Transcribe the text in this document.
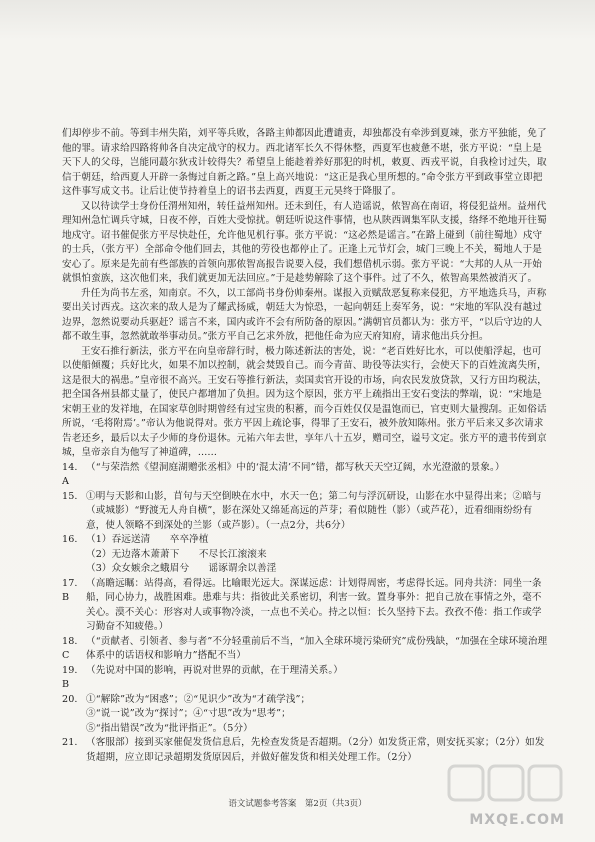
们却停步不前。等到丰州失陷，刘平等兵败，各路主帅都因此遭谴责，却独都没有牵涉到夏竦，张方平独能，免了他的罪。请求给四路将帅各自决定战守的权力。西北诸军长久不得休整，西夏军也疲惫不堪，张方平说：“皇上是天下人的父母，岂能同蕞尔狄戎计较得失？希望皇上能趁着养好那犯的时机，敕夏、西戎平说，自我检讨过失，取信于朝廷，给西夏人开辟一条悔过自新之路。”皇上高兴地说：“这正是我心里所想的。”命令张方平到政事堂立即把这件事写成文书。让后让使节持着皇上的诏书去西夏，西夏王元昊终于降服了。

又以待读学士身份任渭州知州，转任益州知州。还未到任，有人造谣说，侬智高在南诏，将侵犯益州。益州代理知州急忙调兵守城，日夜不停，百姓大受惊扰。朝廷听说这件事情，也从陕西调集军队支援，络绎不绝地开往蜀地戍守。诏书催促张方平尽快赴任，允许他见机行事。张方平说：“这必然是谣言。”在路上碰到（前往蜀地）戍守的士兵，（张方平）全部命令他们回去，其他的劳役也都停止了。正逢上元节灯会，城门三晚上不关，蜀地人于是安心了。原来是先前有些部族的首领向那侬智高报告说要入侵，我们想借机示弱。张方平说：“大邦的人从一开始就惧怕蛮族，这次他们来，我们就更加无法回应。”于是趁势解除了这个事件。过了不久，侬智高果然被消灭了。

升任为尚书左丞，知南京。不久，以工部尚书身份帅秦州。谋报入贡赋敌恶复称来侵犯，方平地选兵马，声称要出关讨西戎。这次来的敌人是为了耀武扬威，朝廷大为惊恐，一起向朝廷上奏军务，说：“宋地的军队没有越过边界，忽然说要动兵驱赶？谣言不来，国内或许不会有所防备的原因。”满朝官员都认为：张方平，“以后守边的人都不敢生事，忽然就敢举事动员。”张方平自己乞求外放，把他任命为应天府知府，请求他出兵分担。

王安石推行新法，张方平在向皇帝辞行时，极力陈述新法的害处，说：“老百姓好比水，可以使船浮起，也可以使船倾覆；兵好比火，如果不加以控制，就会焚毁自己。而今青苗、助役等法实行，会使天下的百姓流离失所，这是很大的祸患。”皇帝很不高兴。王安石等推行新法，卖国卖官开设的市场，向农民发放贷款，又行方田均税法，把全国各州县都丈量了，使民户都增加了负担。因为这个原因，张方平上疏指出王安石变法的弊端，说：“宋地是宋朝王业的发祥地，在国家草创时期曾经有过宝贵的积蓄，而今百姓仅仅是温饱而已，官吏则大量搜刮。正如俗话所说，‘毛将附焉’。”帝认为他说得对。张方平因上疏论事，得罪了王安石，被外放知陈州。张方平后来又多次请求告老还乡，最后以太子少师的身份退休。元祐六年去世，享年八十五岁，赠司空，谥号文定。张方平的遗书传到京城，皇帝亲自为他写了神道碑，……

14. A
（“与荣浩然《望洞庭湖赠张丞相》中的‘混太清’不同”错，都写秋天天空辽阔，水光澄澈的景象。）
15. ①明与天影和山影，苜句与天空倒映在水中，水天一色；第二句与浮沉研设，山影在水中显得出来；②暗与（或城影）“野渡无人舟自横”，影在深处又绵延高远的芦芽；看似随性（影）（或芦花），近看细雨纷纷有意，使人领略不到深处的兰影（或芦影）。（一点2分，共6分）
16. （1）吞远送清　　卒卒净植
（2）无边落木萧萧下　　不尽长江滚滚来
（3）众女嫉余之蛾眉兮　　谣诼谓余以善淫
17. B
（高瞻远瞩：站得高，看得远。比喻眼光远大。深谋远虑：计划得周密，考虑得长远。同舟共济：同坐一条船，同心协力，战胜困难。患难与共：指彼此关系密切，利害一致。置身事外：把自己放在事情之外，毫不关心。漠不关心：形容对人或事物冷淡，一点也不关心。持之以恒：长久坚持下去。孜孜不倦：指工作或学习勤奋不知疲倦。）
18. C
（“贡献者、引领者、参与者”不分轻重前后不当，“加入全球环境污染研究”成份残缺，“加强在全球环境治理体系中的话语权和影响力”搭配不当）
19. B
（先说对中国的影响，再说对世界的贡献，在于理清关系。）
20. ①“解除”改为“困惑”；②“见识少”改为“才疏学浅”；
③“说一说”改为“探讨”；④“寸思”改为“思考”；
⑤“指出错误”改为“批评指正”。（5分）
21. （客服部）接到买家催促发货信息后，先检查发货是否超期。（2分）如发货正常，则安抚买家；（2分）如发货超期，应立即记录超期发货原因后，并做好催发货和相关处理工作。（2分）
语文试题参考答案　第2页（共3页）
MXQE.COM
